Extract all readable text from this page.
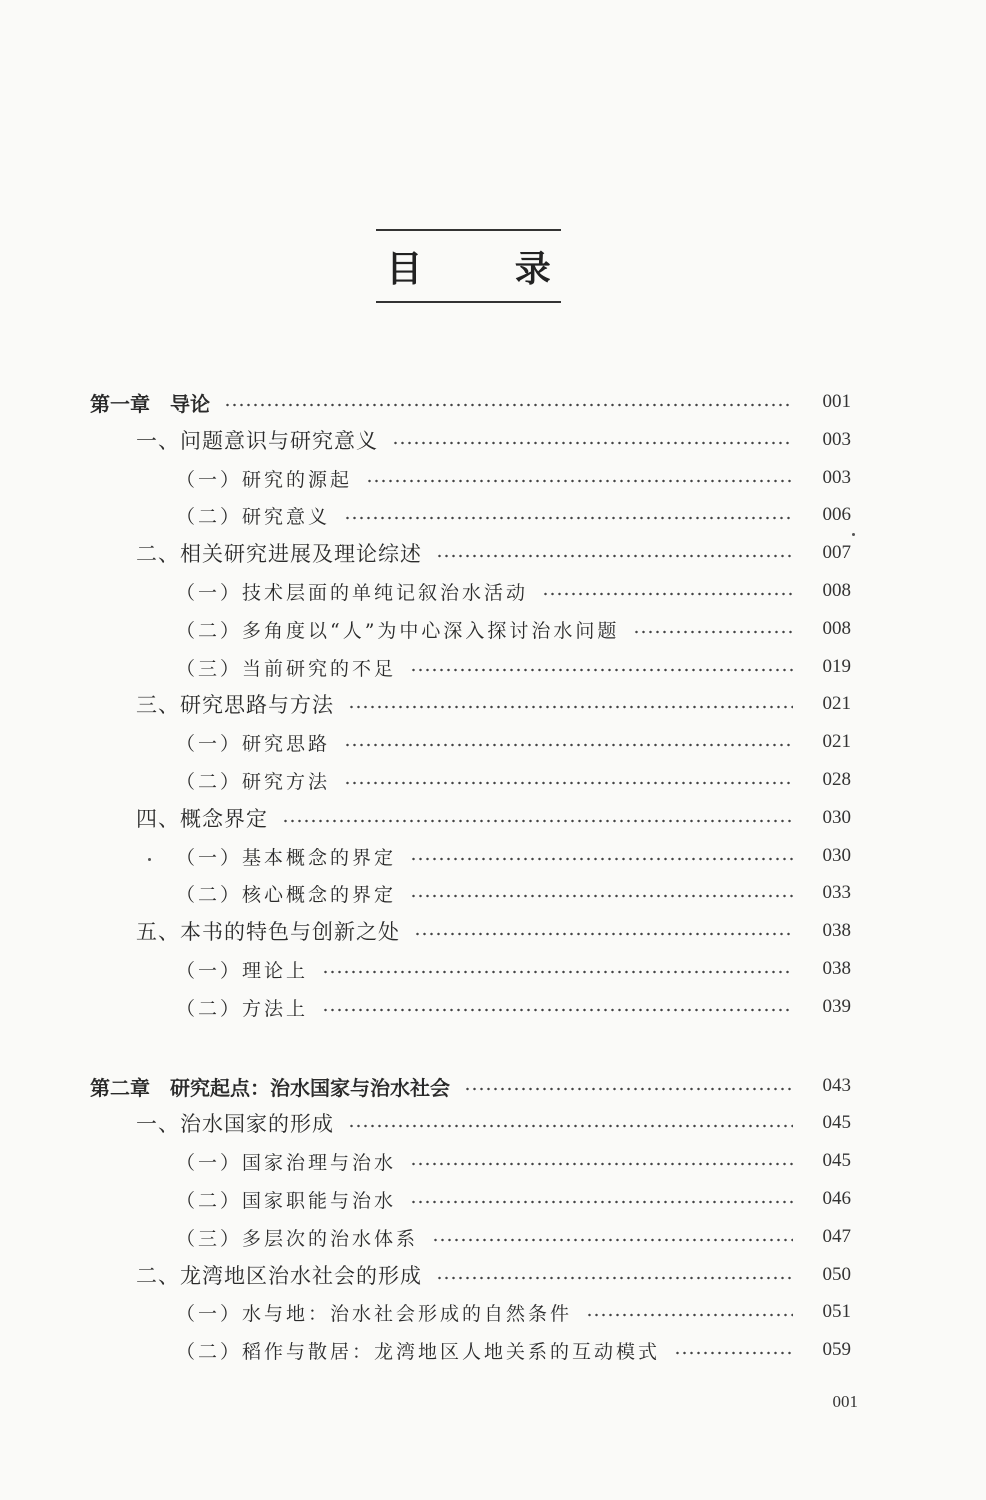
目 录
第一章　导论	001
一、问题意识与研究意义	003
（一）研究的源起	003
（二）研究意义	006
二、相关研究进展及理论综述	007
（一）技术层面的单纯记叙治水活动	008
（二）多角度以“人”为中心深入探讨治水问题	008
（三）当前研究的不足	019
三、研究思路与方法	021
（一）研究思路	021
（二）研究方法	028
四、概念界定	030
（一）基本概念的界定	030
（二）核心概念的界定	033
五、本书的特色与创新之处	038
（一）理论上	038
（二）方法上	039
第二章　研究起点：治水国家与治水社会	043
一、治水国家的形成	045
（一）国家治理与治水	045
（二）国家职能与治水	046
（三）多层次的治水体系	047
二、龙湾地区治水社会的形成	050
（一）水与地：治水社会形成的自然条件	051
（二）稻作与散居：龙湾地区人地关系的互动模式	059
001
